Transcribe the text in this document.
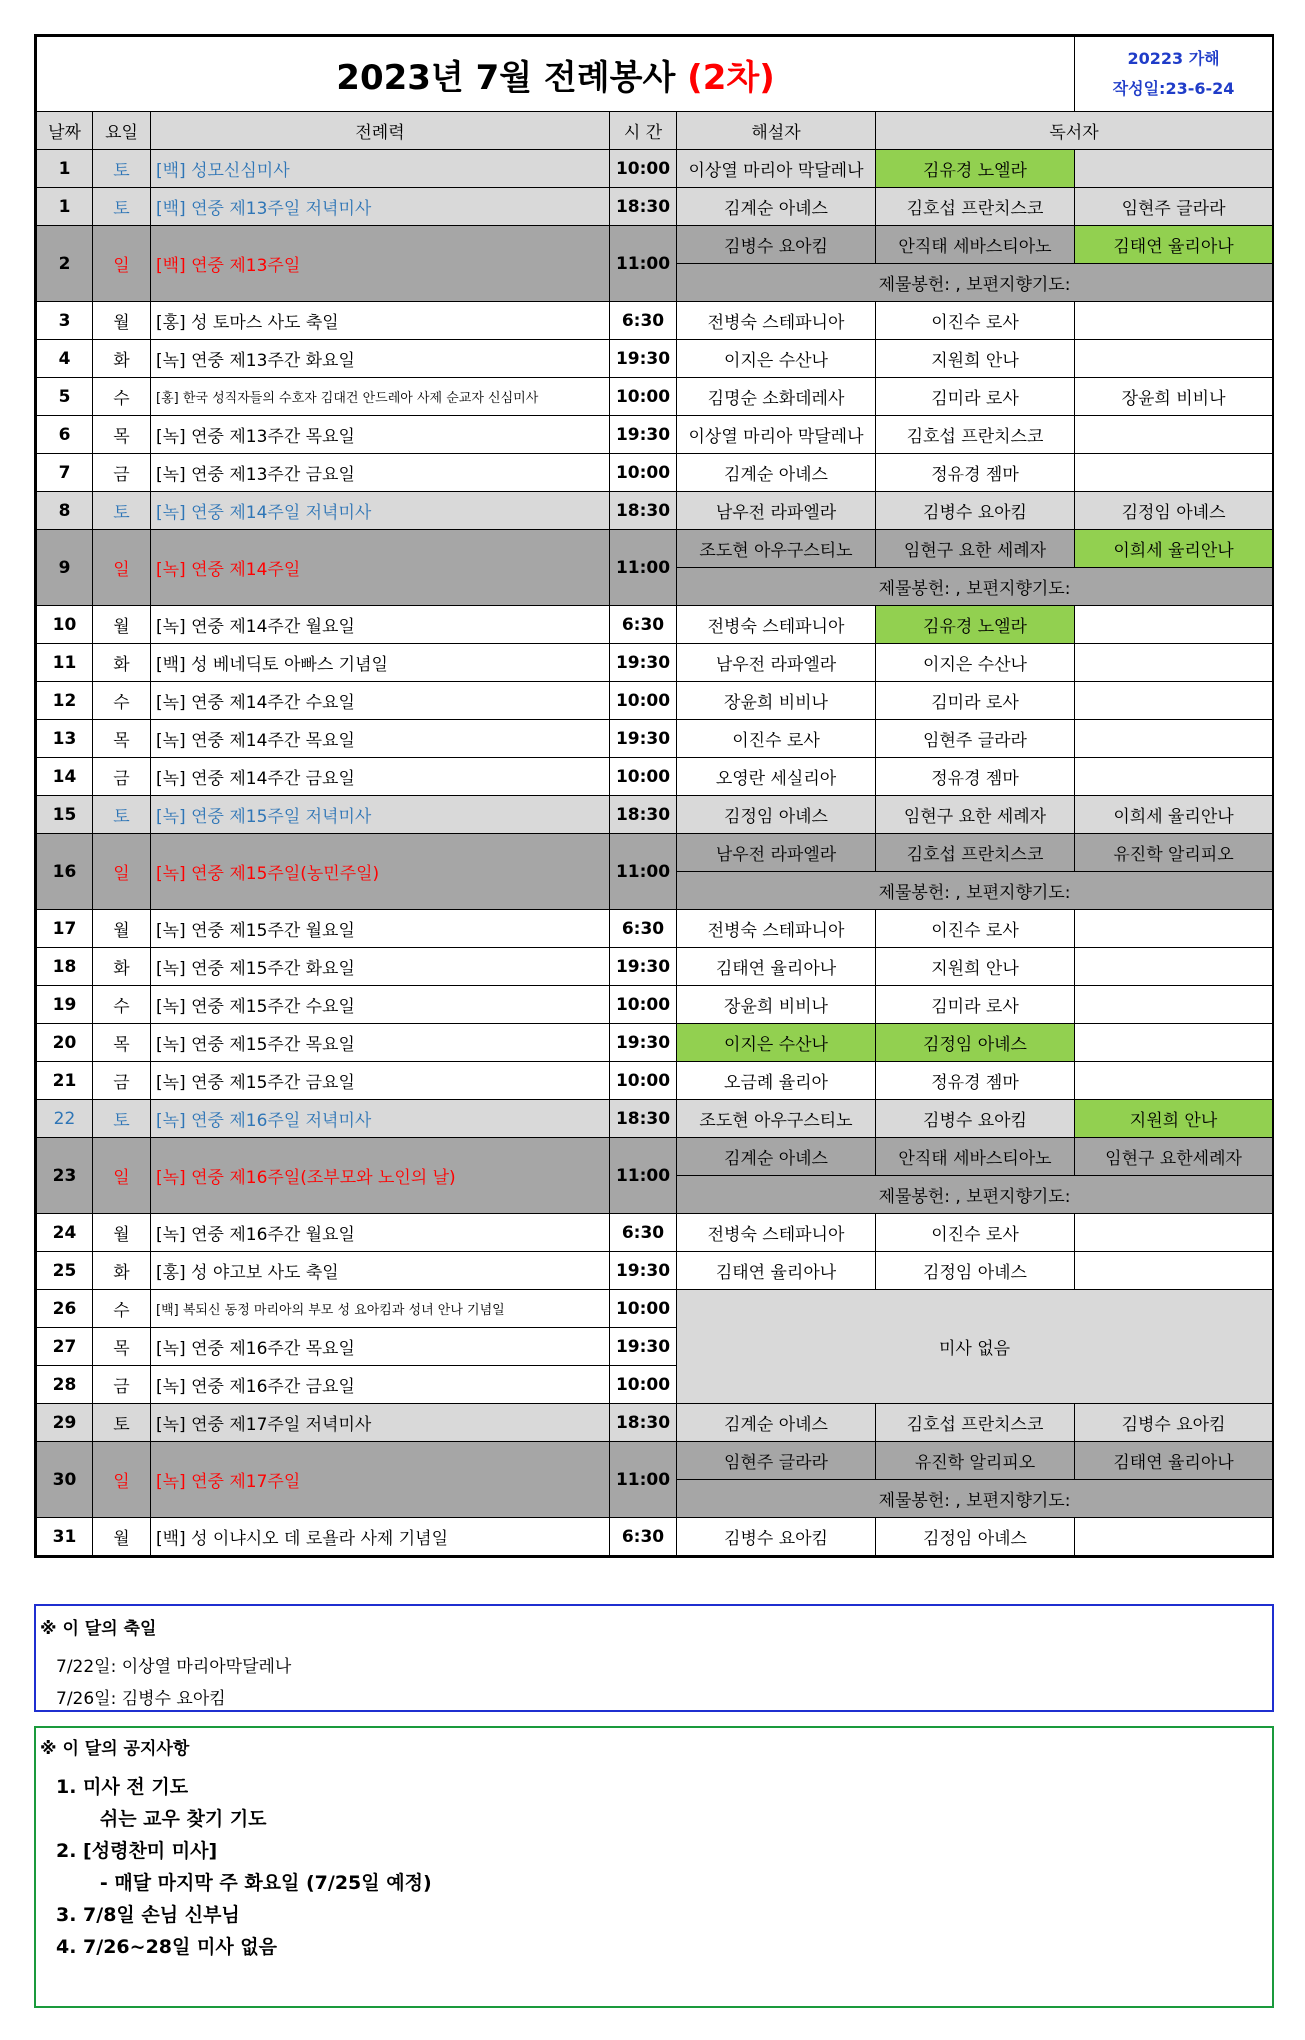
2023년 7월 전례봉사 (2차)						20223 가해
작성일:23-6-24

날짜	요일	전례력	시 간	해설자	독서자	
1	토	[백] 성모신심미사	10:00	이상열 마리아 막달레나	김유경 노엘라	
1	토	[백] 연중 제13주일 저녁미사	18:30	김계순 아녜스	김호섭 프란치스코	임현주 글라라
2	일	[백] 연중 제13주일	11:00	김병수 요아킴	안직태 세바스티아노	김태연 율리아나
				제물봉헌: , 보편지향기도:		
3	월	[홍] 성 토마스 사도 축일	6:30	전병숙 스테파니아	이진수 로사	
4	화	[녹] 연중 제13주간 화요일	19:30	이지은 수산나	지원희 안나	
5	수	[홍] 한국 성직자들의 수호자 김대건 안드레아 사제 순교자 신심미사	10:00	김명순 소화데레사	김미라 로사	장윤희 비비나
6	목	[녹] 연중 제13주간 목요일	19:30	이상열 마리아 막달레나	김호섭 프란치스코	
7	금	[녹] 연중 제13주간 금요일	10:00	김계순 아녜스	정유경 젬마	
8	토	[녹] 연중 제14주일 저녁미사	18:30	남우전 라파엘라	김병수 요아킴	김정임 아녜스
9	일	[녹] 연중 제14주일	11:00	조도현 아우구스티노	임현구 요한 세례자	이희세 율리안나
				제물봉헌: , 보편지향기도:		
10	월	[녹] 연중 제14주간 월요일	6:30	전병숙 스테파니아	김유경 노엘라	
11	화	[백] 성 베네딕토 아빠스 기념일	19:30	남우전 라파엘라	이지은 수산나	
12	수	[녹] 연중 제14주간 수요일	10:00	장윤희 비비나	김미라 로사	
13	목	[녹] 연중 제14주간 목요일	19:30	이진수 로사	임현주 글라라	
14	금	[녹] 연중 제14주간 금요일	10:00	오영란 세실리아	정유경 젬마	
15	토	[녹] 연중 제15주일 저녁미사	18:30	김정임 아녜스	임현구 요한 세례자	이희세 율리안나
16	일	[녹] 연중 제15주일(농민주일)	11:00	남우전 라파엘라	김호섭 프란치스코	유진학 알리피오
				제물봉헌: , 보편지향기도:		
17	월	[녹] 연중 제15주간 월요일	6:30	전병숙 스테파니아	이진수 로사	
18	화	[녹] 연중 제15주간 화요일	19:30	김태연 율리아나	지원희 안나	
19	수	[녹] 연중 제15주간 수요일	10:00	장윤희 비비나	김미라 로사	
20	목	[녹] 연중 제15주간 목요일	19:30	이지은 수산나	김정임 아녜스	
21	금	[녹] 연중 제15주간 금요일	10:00	오금례 율리아	정유경 젬마	
22	토	[녹] 연중 제16주일 저녁미사	18:30	조도현 아우구스티노	김병수 요아킴	지원희 안나
23	일	[녹] 연중 제16주일(조부모와 노인의 날)	11:00	김계순 아녜스	안직태 세바스티아노	임현구 요한세례자
				제물봉헌: , 보편지향기도:		
24	월	[녹] 연중 제16주간 월요일	6:30	전병숙 스테파니아	이진수 로사	
25	화	[홍] 성 야고보 사도 축일	19:30	김태연 율리아나	김정임 아녜스	
26	수	[백] 복되신 동정 마리아의 부모 성 요아킴과 성녀 안나 기념일	10:00	미사 없음		
27	목	[녹] 연중 제16주간 목요일	19:30			
28	금	[녹] 연중 제16주간 금요일	10:00			
29	토	[녹] 연중 제17주일 저녁미사	18:30	김계순 아녜스	김호섭 프란치스코	김병수 요아킴
30	일	[녹] 연중 제17주일	11:00	임현주 글라라	유진학 알리피오	김태연 율리아나
				제물봉헌: , 보편지향기도:		
31	월	[백] 성 이냐시오 데 로욜라 사제 기념일	6:30	김병수 요아킴	김정임 아녜스	
※ 이 달의 축일
7/22일: 이상열 마리아막달레나
7/26일: 김병수 요아킴
※ 이 달의 공지사항
1. 미사 전 기도
쉬는 교우 찾기 기도
2. [성령찬미 미사]
- 매달 마지막 주 화요일 (7/25일 예정)
3. 7/8일 손님 신부님
4. 7/26~28일 미사 없음
